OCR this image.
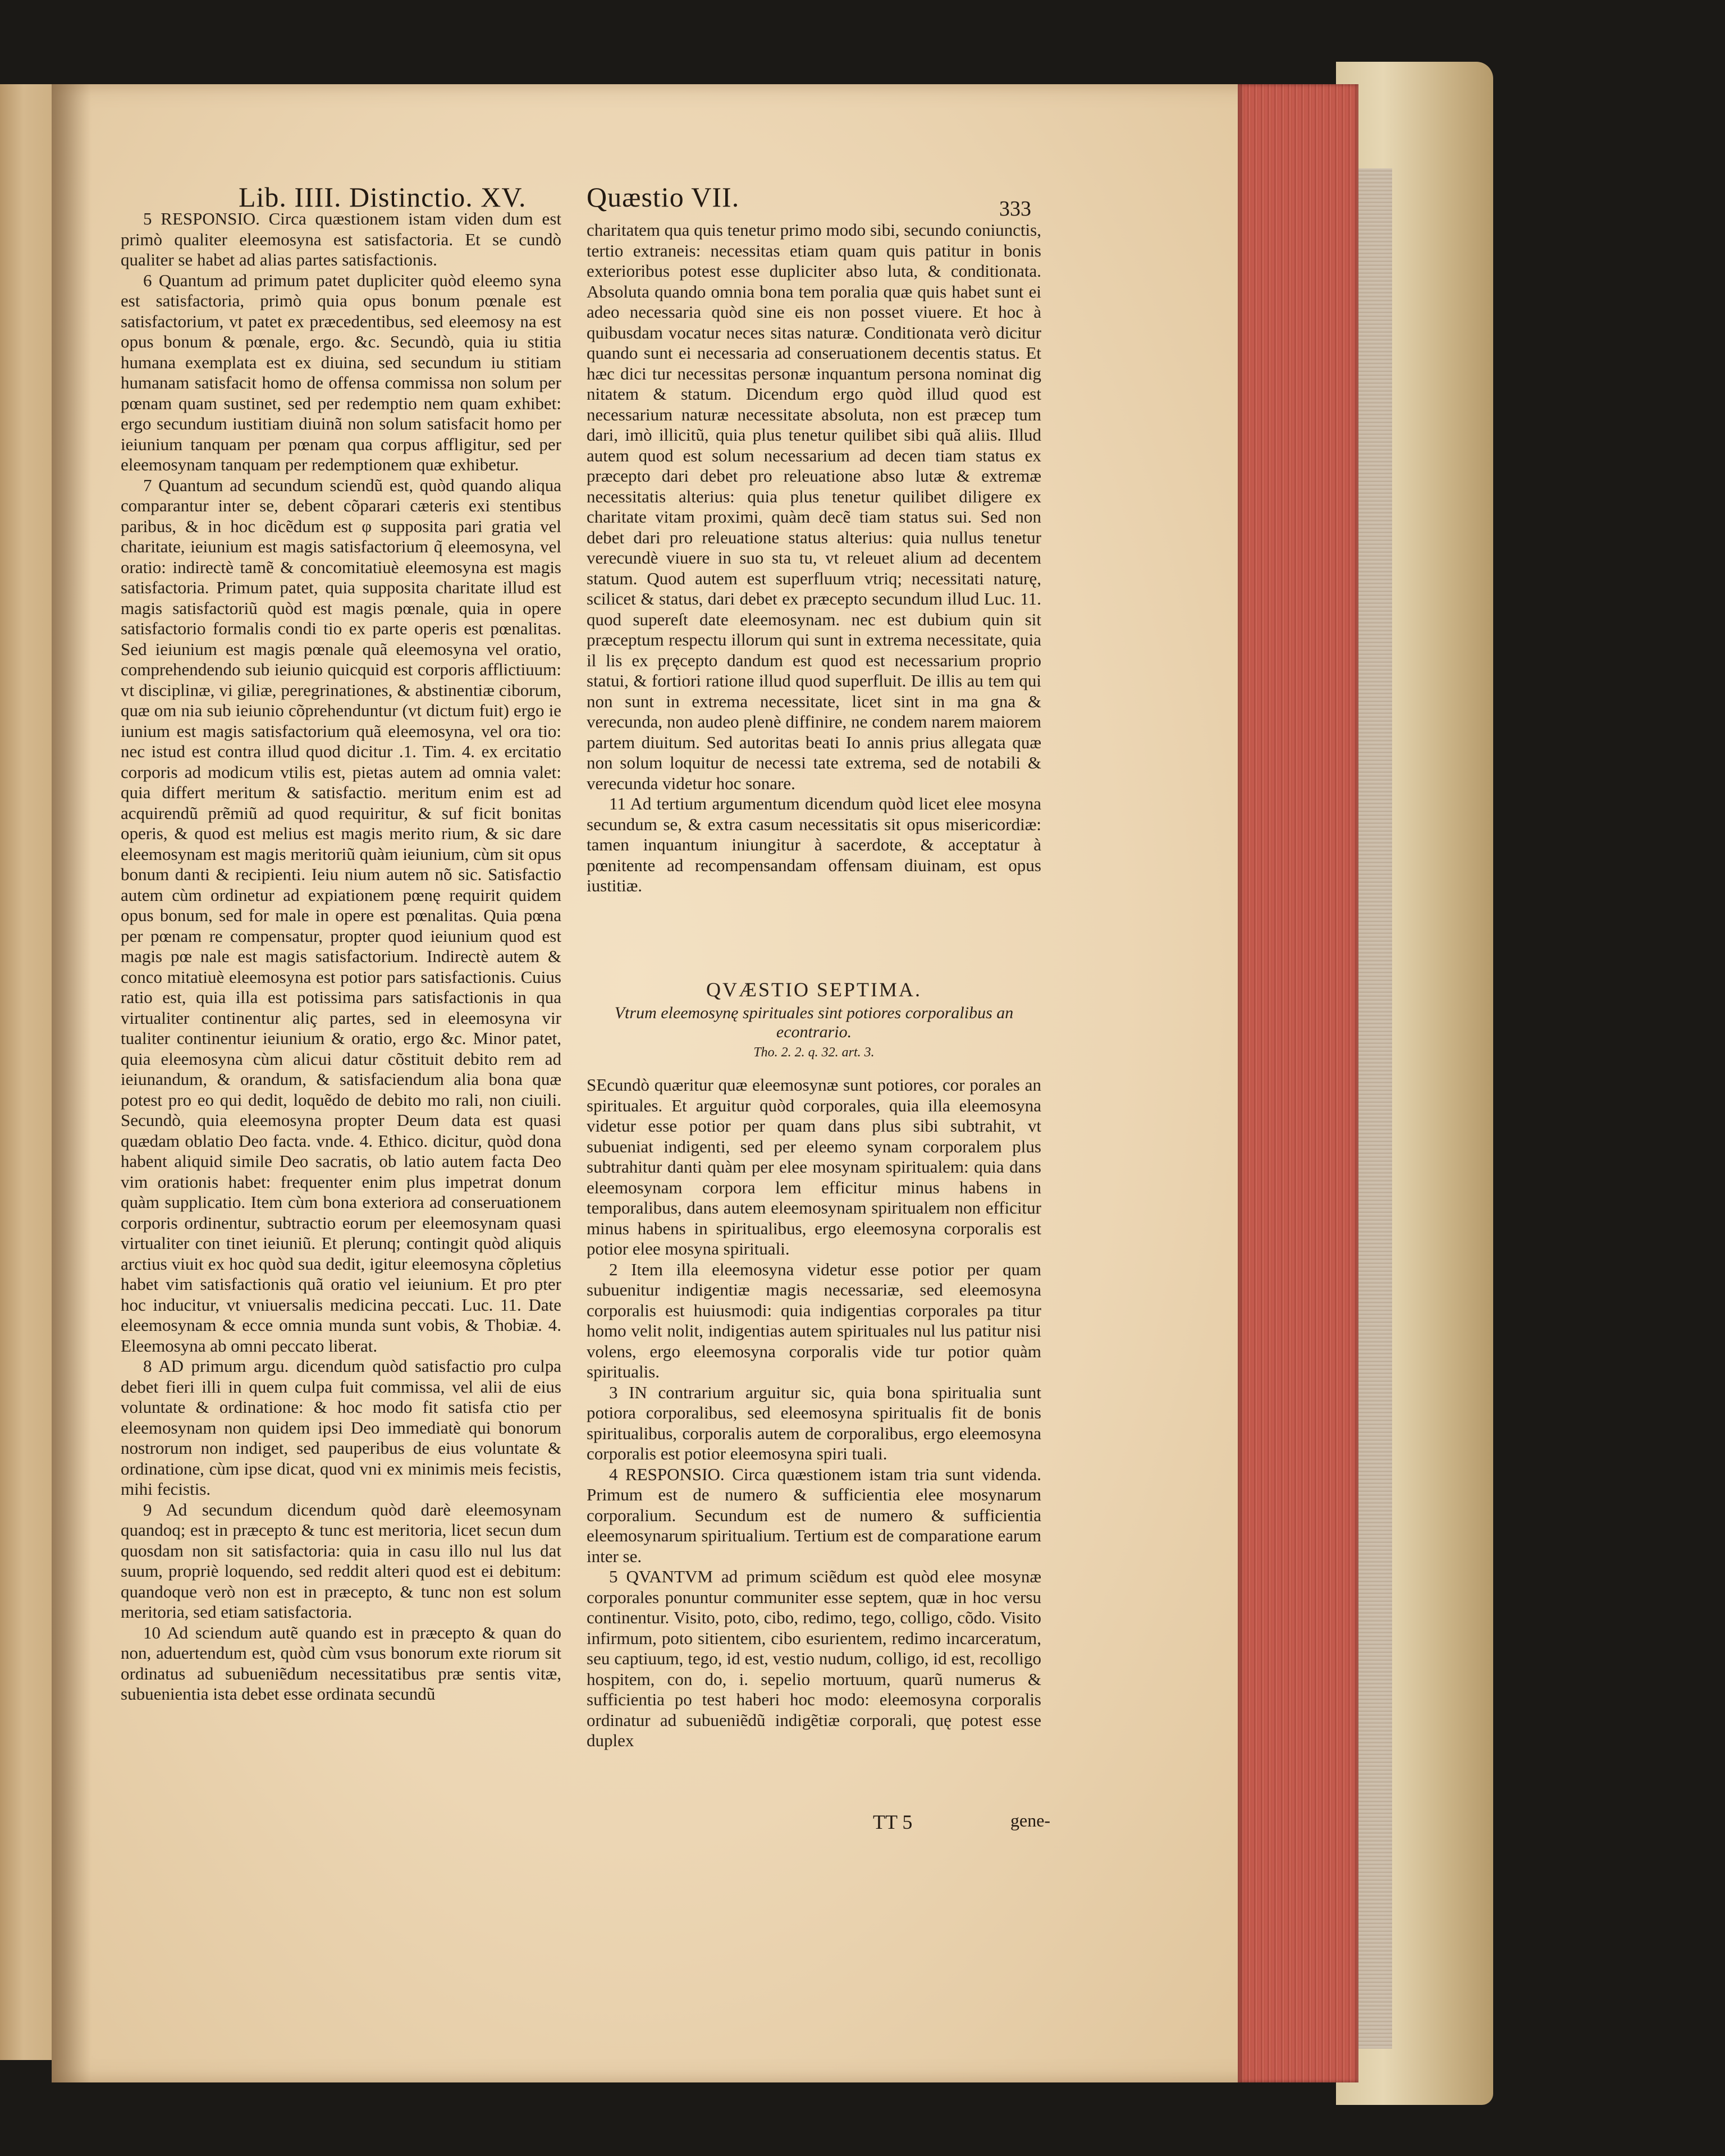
Lib. IIII. Distinctio. XV. Quæstio VII.	333

5 RESPONSIO. Circa quæstionem istam viden dum est primò qualiter eleemosyna est satisfactoria. Et se cundò qualiter se habet ad alias partes satisfactionis.

6 Quantum ad primum patet dupliciter quòd eleemo syna est satisfactoria, primò quia opus bonum pœnale est satisfactorium, vt patet ex præcedentibus, sed eleemosy na est opus bonum & pœnale, ergo. &c. Secundò, quia iu stitia humana exemplata est ex diuina, sed secundum iu stitiam humanam satisfacit homo de offensa commissa non solum per pœnam quam sustinet, sed per redemptio nem quam exhibet: ergo secundum iustitiam diuinã non solum satisfacit homo per ieiunium tanquam per pœnam qua corpus affligitur, sed per eleemosynam tanquam per redemptionem quæ exhibetur.

7 Quantum ad secundum sciendũ est, quòd quando aliqua comparantur inter se, debent cõparari cæteris exi stentibus paribus, & in hoc dicẽdum est φ supposita pari gratia vel charitate, ieiunium est magis satisfactorium q̃ eleemosyna, vel oratio: indirectè tamẽ & concomitatiuè eleemosyna est magis satisfactoria. Primum patet, quia supposita charitate illud est magis satisfactoriũ quòd est magis pœnale, quia in opere satisfactorio formalis condi tio ex parte operis est pœnalitas. Sed ieiunium est magis pœnale quã eleemosyna vel oratio, comprehendendo sub ieiunio quicquid est corporis afflictiuum: vt disciplinæ, vi giliæ, peregrinationes, & abstinentiæ ciborum, quæ om nia sub ieiunio cõprehenduntur (vt dictum fuit) ergo ie iunium est magis satisfactorium quã eleemosyna, vel ora tio: nec istud est contra illud quod dicitur .1. Tim. 4. ex ercitatio corporis ad modicum vtilis est, pietas autem ad omnia valet: quia differt meritum & satisfactio. meritum enim est ad acquirendũ prẽmiũ ad quod requiritur, & suf ficit bonitas operis, & quod est melius est magis merito rium, & sic dare eleemosynam est magis meritoriũ quàm ieiunium, cùm sit opus bonum danti & recipienti. Ieiu nium autem nõ sic. Satisfactio autem cùm ordinetur ad expiationem pœnę requirit quidem opus bonum, sed for male in opere est pœnalitas. Quia pœna per pœnam re compensatur, propter quod ieiunium quod est magis pœ nale est magis satisfactorium. Indirectè autem & conco mitatiuè eleemosyna est potior pars satisfactionis. Cuius ratio est, quia illa est potissima pars satisfactionis in qua virtualiter continentur aliç partes, sed in eleemosyna vir tualiter continentur ieiunium & oratio, ergo &c. Minor patet, quia eleemosyna cùm alicui datur cõstituit debito rem ad ieiunandum, & orandum, & satisfaciendum alia bona quæ potest pro eo qui dedit, loquẽdo de debito mo rali, non ciuili. Secundò, quia eleemosyna propter Deum data est quasi quædam oblatio Deo facta. vnde. 4. Ethico. dicitur, quòd dona habent aliquid simile Deo sacratis, ob latio autem facta Deo vim orationis habet: frequenter enim plus impetrat donum quàm supplicatio. Item cùm bona exteriora ad conseruationem corporis ordinentur, subtractio eorum per eleemosynam quasi virtualiter con tinet ieiuniũ. Et plerunq; contingit quòd aliquis arctius viuit ex hoc quòd sua dedit, igitur eleemosyna cõpletius habet vim satisfactionis quã oratio vel ieiunium. Et pro pter hoc inducitur, vt vniuersalis medicina peccati. Luc. 11. Date eleemosynam & ecce omnia munda sunt vobis, & Thobiæ. 4. Eleemosyna ab omni peccato liberat.

8 AD primum argu. dicendum quòd satisfactio pro culpa debet fieri illi in quem culpa fuit commissa, vel alii de eius voluntate & ordinatione: & hoc modo fit satisfa ctio per eleemosynam non quidem ipsi Deo immediatè qui bonorum nostrorum non indiget, sed pauperibus de eius voluntate & ordinatione, cùm ipse dicat, quod vni ex minimis meis fecistis, mihi fecistis.

9 Ad secundum dicendum quòd darè eleemosynam quandoq; est in præcepto & tunc est meritoria, licet secun dum quosdam non sit satisfactoria: quia in casu illo nul lus dat suum, propriè loquendo, sed reddit alteri quod est ei debitum: quandoque verò non est in præcepto, & tunc non est solum meritoria, sed etiam satisfactoria.

10 Ad sciendum autẽ quando est in præcepto & quan do non, aduertendum est, quòd cùm vsus bonorum exte riorum sit ordinatus ad subueniẽdum necessitatibus præ sentis vitæ, subuenientia ista debet esse ordinata secundũ

charitatem qua quis tenetur primo modo sibi, secundo coniunctis, tertio extraneis: necessitas etiam quam quis patitur in bonis exterioribus potest esse dupliciter abso luta, & conditionata. Absoluta quando omnia bona tem poralia quæ quis habet sunt ei adeo necessaria quòd sine eis non posset viuere. Et hoc à quibusdam vocatur neces sitas naturæ. Conditionata verò dicitur quando sunt ei necessaria ad conseruationem decentis status. Et hæc dici tur necessitas personæ inquantum persona nominat dig nitatem & statum. Dicendum ergo quòd illud quod est necessarium naturæ necessitate absoluta, non est præcep tum dari, imò illicitũ, quia plus tenetur quilibet sibi quã aliis. Illud autem quod est solum necessarium ad decen tiam status ex præcepto dari debet pro releuatione abso lutæ & extremæ necessitatis alterius: quia plus tenetur quilibet diligere ex charitate vitam proximi, quàm decẽ tiam status sui. Sed non debet dari pro releuatione status alterius: quia nullus tenetur verecundè viuere in suo sta tu, vt releuet alium ad decentem statum. Quod autem est superfluum vtriq; necessitati naturę, scilicet & status, dari debet ex præcepto secundum illud Luc. 11. quod supereſt date eleemosynam. nec est dubium quin sit præceptum respectu illorum qui sunt in extrema necessitate, quia il lis ex pręcepto dandum est quod est necessarium proprio statui, & fortiori ratione illud quod superfluit. De illis au tem qui non sunt in extrema necessitate, licet sint in ma gna & verecunda, non audeo plenè diffinire, ne condem narem maiorem partem diuitum. Sed autoritas beati Io annis prius allegata quæ non solum loquitur de necessi tate extrema, sed de notabili & verecunda videtur hoc sonare.

11 Ad tertium argumentum dicendum quòd licet elee mosyna secundum se, & extra casum necessitatis sit opus misericordiæ: tamen inquantum iniungitur à sacerdote, & acceptatur à pœnitente ad recompensandam offensam diuinam, est opus iustitiæ.

QVÆSTIO SEPTIMA.
Vtrum eleemosynę spirituales sint potiores corporalibus an econtrario.
Tho. 2. 2. q. 32. art. 3.

SEcundò quæritur quæ eleemosynæ sunt potiores, cor porales an spirituales. Et arguitur quòd corporales, quia illa eleemosyna videtur esse potior per quam dans plus sibi subtrahit, vt subueniat indigenti, sed per eleemo synam corporalem plus subtrahitur danti quàm per elee mosynam spiritualem: quia dans eleemosynam corpora lem efficitur minus habens in temporalibus, dans autem eleemosynam spiritualem non efficitur minus habens in spiritualibus, ergo eleemosyna corporalis est potior elee mosyna spirituali.

2 Item illa eleemosyna videtur esse potior per quam subuenitur indigentiæ magis necessariæ, sed eleemosyna corporalis est huiusmodi: quia indigentias corporales pa titur homo velit nolit, indigentias autem spirituales nul lus patitur nisi volens, ergo eleemosyna corporalis vide tur potior quàm spiritualis.

3 IN contrarium arguitur sic, quia bona spiritualia sunt potiora corporalibus, sed eleemosyna spiritualis fit de bonis spiritualibus, corporalis autem de corporalibus, ergo eleemosyna corporalis est potior eleemosyna spiri tuali.

4 RESPONSIO. Circa quæstionem istam tria sunt videnda. Primum est de numero & sufficientia elee mosynarum corporalium. Secundum est de numero & sufficientia eleemosynarum spiritualium. Tertium est de comparatione earum inter se.

5 QVANTVM ad primum sciẽdum est quòd elee mosynæ corporales ponuntur communiter esse septem, quæ in hoc versu continentur. Visito, poto, cibo, redimo, tego, colligo, cõdo. Visito infirmum, poto sitientem, cibo esurientem, redimo incarceratum, seu captiuum, tego, id est, vestio nudum, colligo, id est, recolligo hospitem, con do, i. sepelio mortuum, quarũ numerus & sufficientia po test haberi hoc modo: eleemosyna corporalis ordinatur ad subueniẽdũ indigẽtiæ corporali, quę potest esse duplex

TT 5	gene-
